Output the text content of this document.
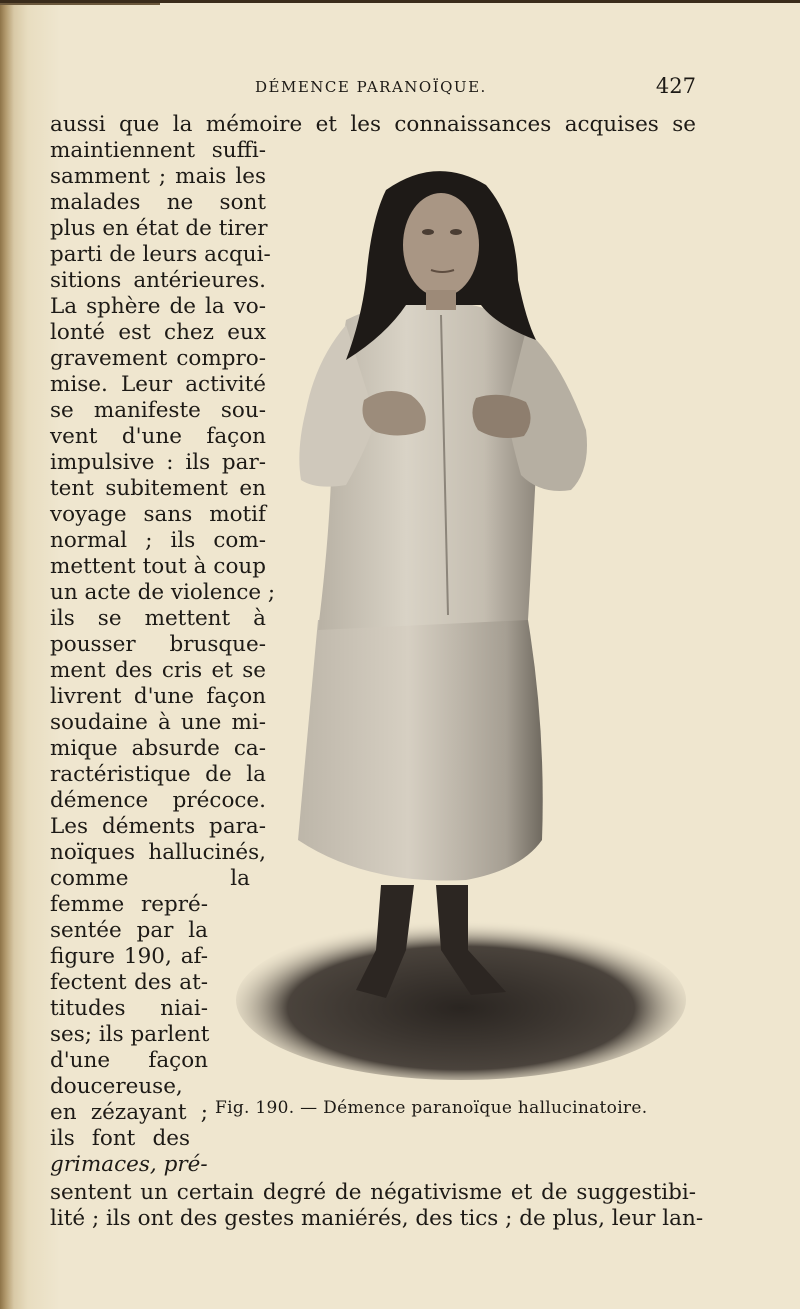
DÉMENCE PARANOÏQUE.	427

aussi que la mémoire et les connaissances acquises se

maintiennent suffi-

samment ; mais les

malades ne sont

plus en état de tirer

parti de leurs acqui-

sitions antérieures.

La sphère de la vo-

lonté est chez eux

gravement compro-

mise. Leur activité

se manifeste sou-

vent d'une façon

impulsive : ils par-

tent subitement en

voyage sans motif

normal ; ils com-

mettent tout à coup

un acte de violence ;

ils se mettent à

pousser brusque-

ment des cris et se

livrent d'une façon

soudaine à une mi-

mique absurde ca-

ractéristique de la

démence précoce.

Les déments para-

noïques hallucinés,

comme la

femme repré-

sentée par la

figure 190, af-

fectent des at-

titudes niai-

ses; ils parlent

d'une façon

doucereuse,

en zézayant ;

ils font des

grimaces, pré-

sentent un certain degré de négativisme et de suggestibi-

lité ; ils ont des gestes maniérés, des tics ; de plus, leur lan-

Fig. 190. — Démence paranoïque hallucinatoire.
